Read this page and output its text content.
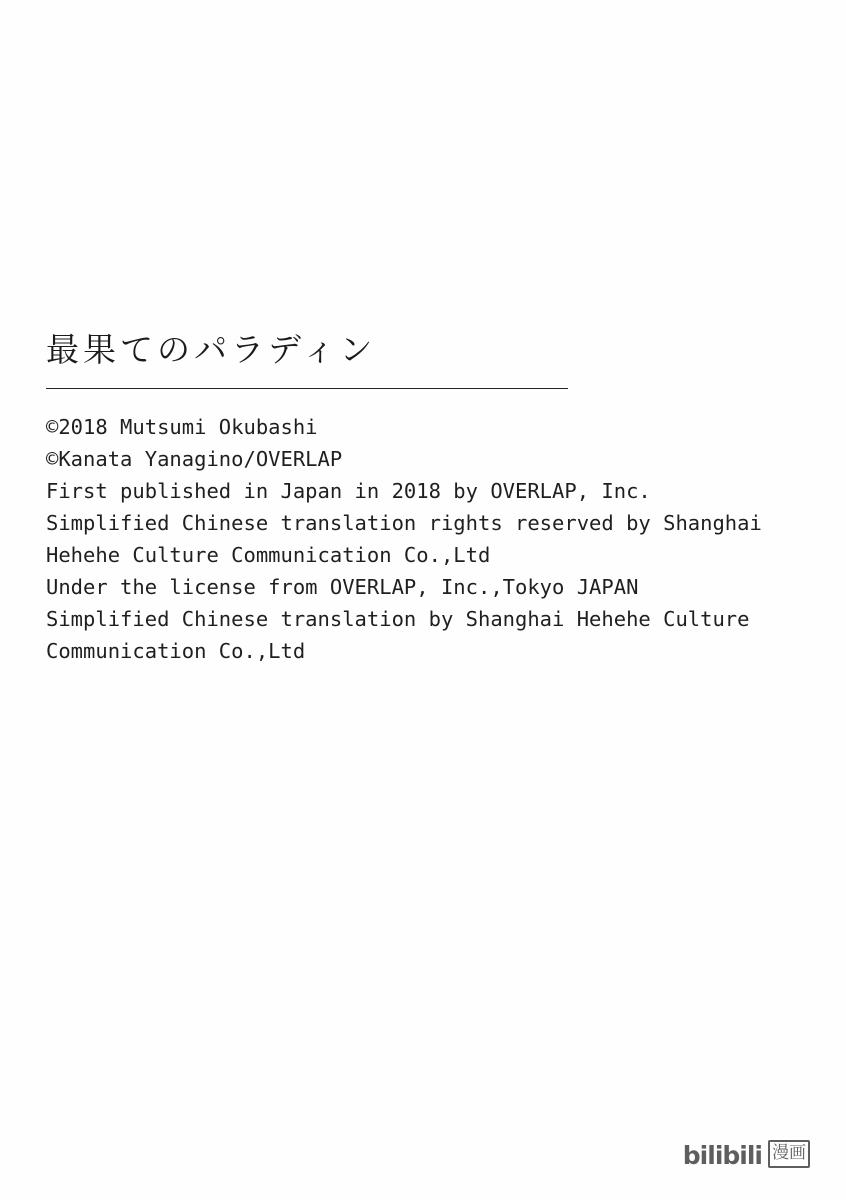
最果てのパラディン
©2018 Mutsumi Okubashi
©Kanata Yanagino/OVERLAP
First published in Japan in 2018 by OVERLAP, Inc.
Simplified Chinese translation rights reserved by Shanghai
Hehehe Culture Communication Co.,Ltd
Under the license from OVERLAP, Inc.,Tokyo JAPAN
Simplified Chinese translation by Shanghai Hehehe Culture
Communication Co.,Ltd
bilibili 漫画
